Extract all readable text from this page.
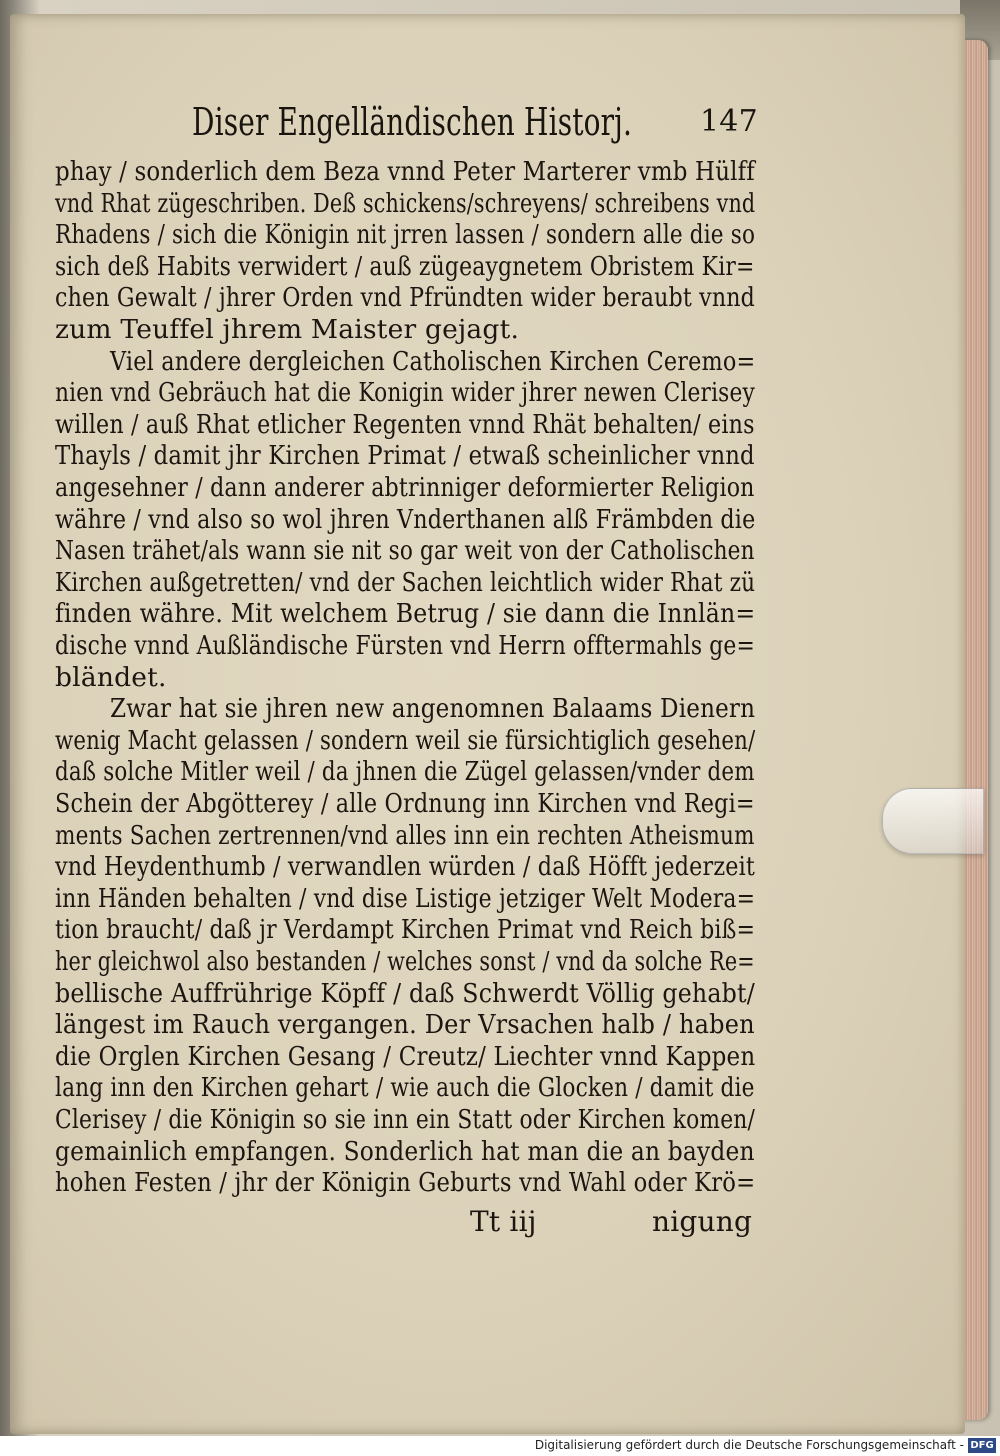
Diser Engelländischen Historj. 147
phay / sonderlich dem Beza vnnd Peter Marterer vmb Hülff
vnd Rhat zügeschriben. Deß schickens/schreyens/ schreibens vnd
Rhadens / sich die Königin nit jrren lassen / sondern alle die so
sich deß Habits verwidert / auß zügeaygnetem Obristem Kir=
chen Gewalt / jhrer Orden vnd Pfründten wider beraubt vnnd
zum Teuffel jhrem Maister gejagt.
Viel andere dergleichen Catholischen Kirchen Ceremo=
nien vnd Gebräuch hat die Konigin wider jhrer newen Clerisey
willen / auß Rhat etlicher Regenten vnnd Rhät behalten/ eins
Thayls / damit jhr Kirchen Primat / etwaß scheinlicher vnnd
angesehner / dann anderer abtrinniger deformierter Religion
währe / vnd also so wol jhren Vnderthanen alß Främbden die
Nasen trähet/als wann sie nit so gar weit von der Catholischen
Kirchen außgetretten/ vnd der Sachen leichtlich wider Rhat zü
finden währe. Mit welchem Betrug / sie dann die Innlän=
dische vnnd Außländische Fürsten vnd Herrn offtermahls ge=
bländet.
Zwar hat sie jhren new angenomnen Balaams Dienern
wenig Macht gelassen / sondern weil sie fürsichtiglich gesehen/
daß solche Mitler weil / da jhnen die Zügel gelassen/vnder dem
Schein der Abgötterey / alle Ordnung inn Kirchen vnd Regi=
ments Sachen zertrennen/vnd alles inn ein rechten Atheismum
vnd Heydenthumb / verwandlen würden / daß Höfft jederzeit
inn Händen behalten / vnd dise Listige jetziger Welt Modera=
tion braucht/ daß jr Verdampt Kirchen Primat vnd Reich biß=
her gleichwol also bestanden / welches sonst / vnd da solche Re=
bellische Auffrührige Köpff / daß Schwerdt Völlig gehabt/
längest im Rauch vergangen. Der Vrsachen halb / haben
die Orglen Kirchen Gesang / Creutz/ Liechter vnnd Kappen
lang inn den Kirchen gehart / wie auch die Glocken / damit die
Clerisey / die Königin so sie inn ein Statt oder Kirchen komen/
gemainlich empfangen. Sonderlich hat man die an bayden
hohen Festen / jhr der Königin Geburts vnd Wahl oder Krö=
Tt iij	nigung
Digitalisierung gefördert durch die Deutsche Forschungsgemeinschaft - DFG
